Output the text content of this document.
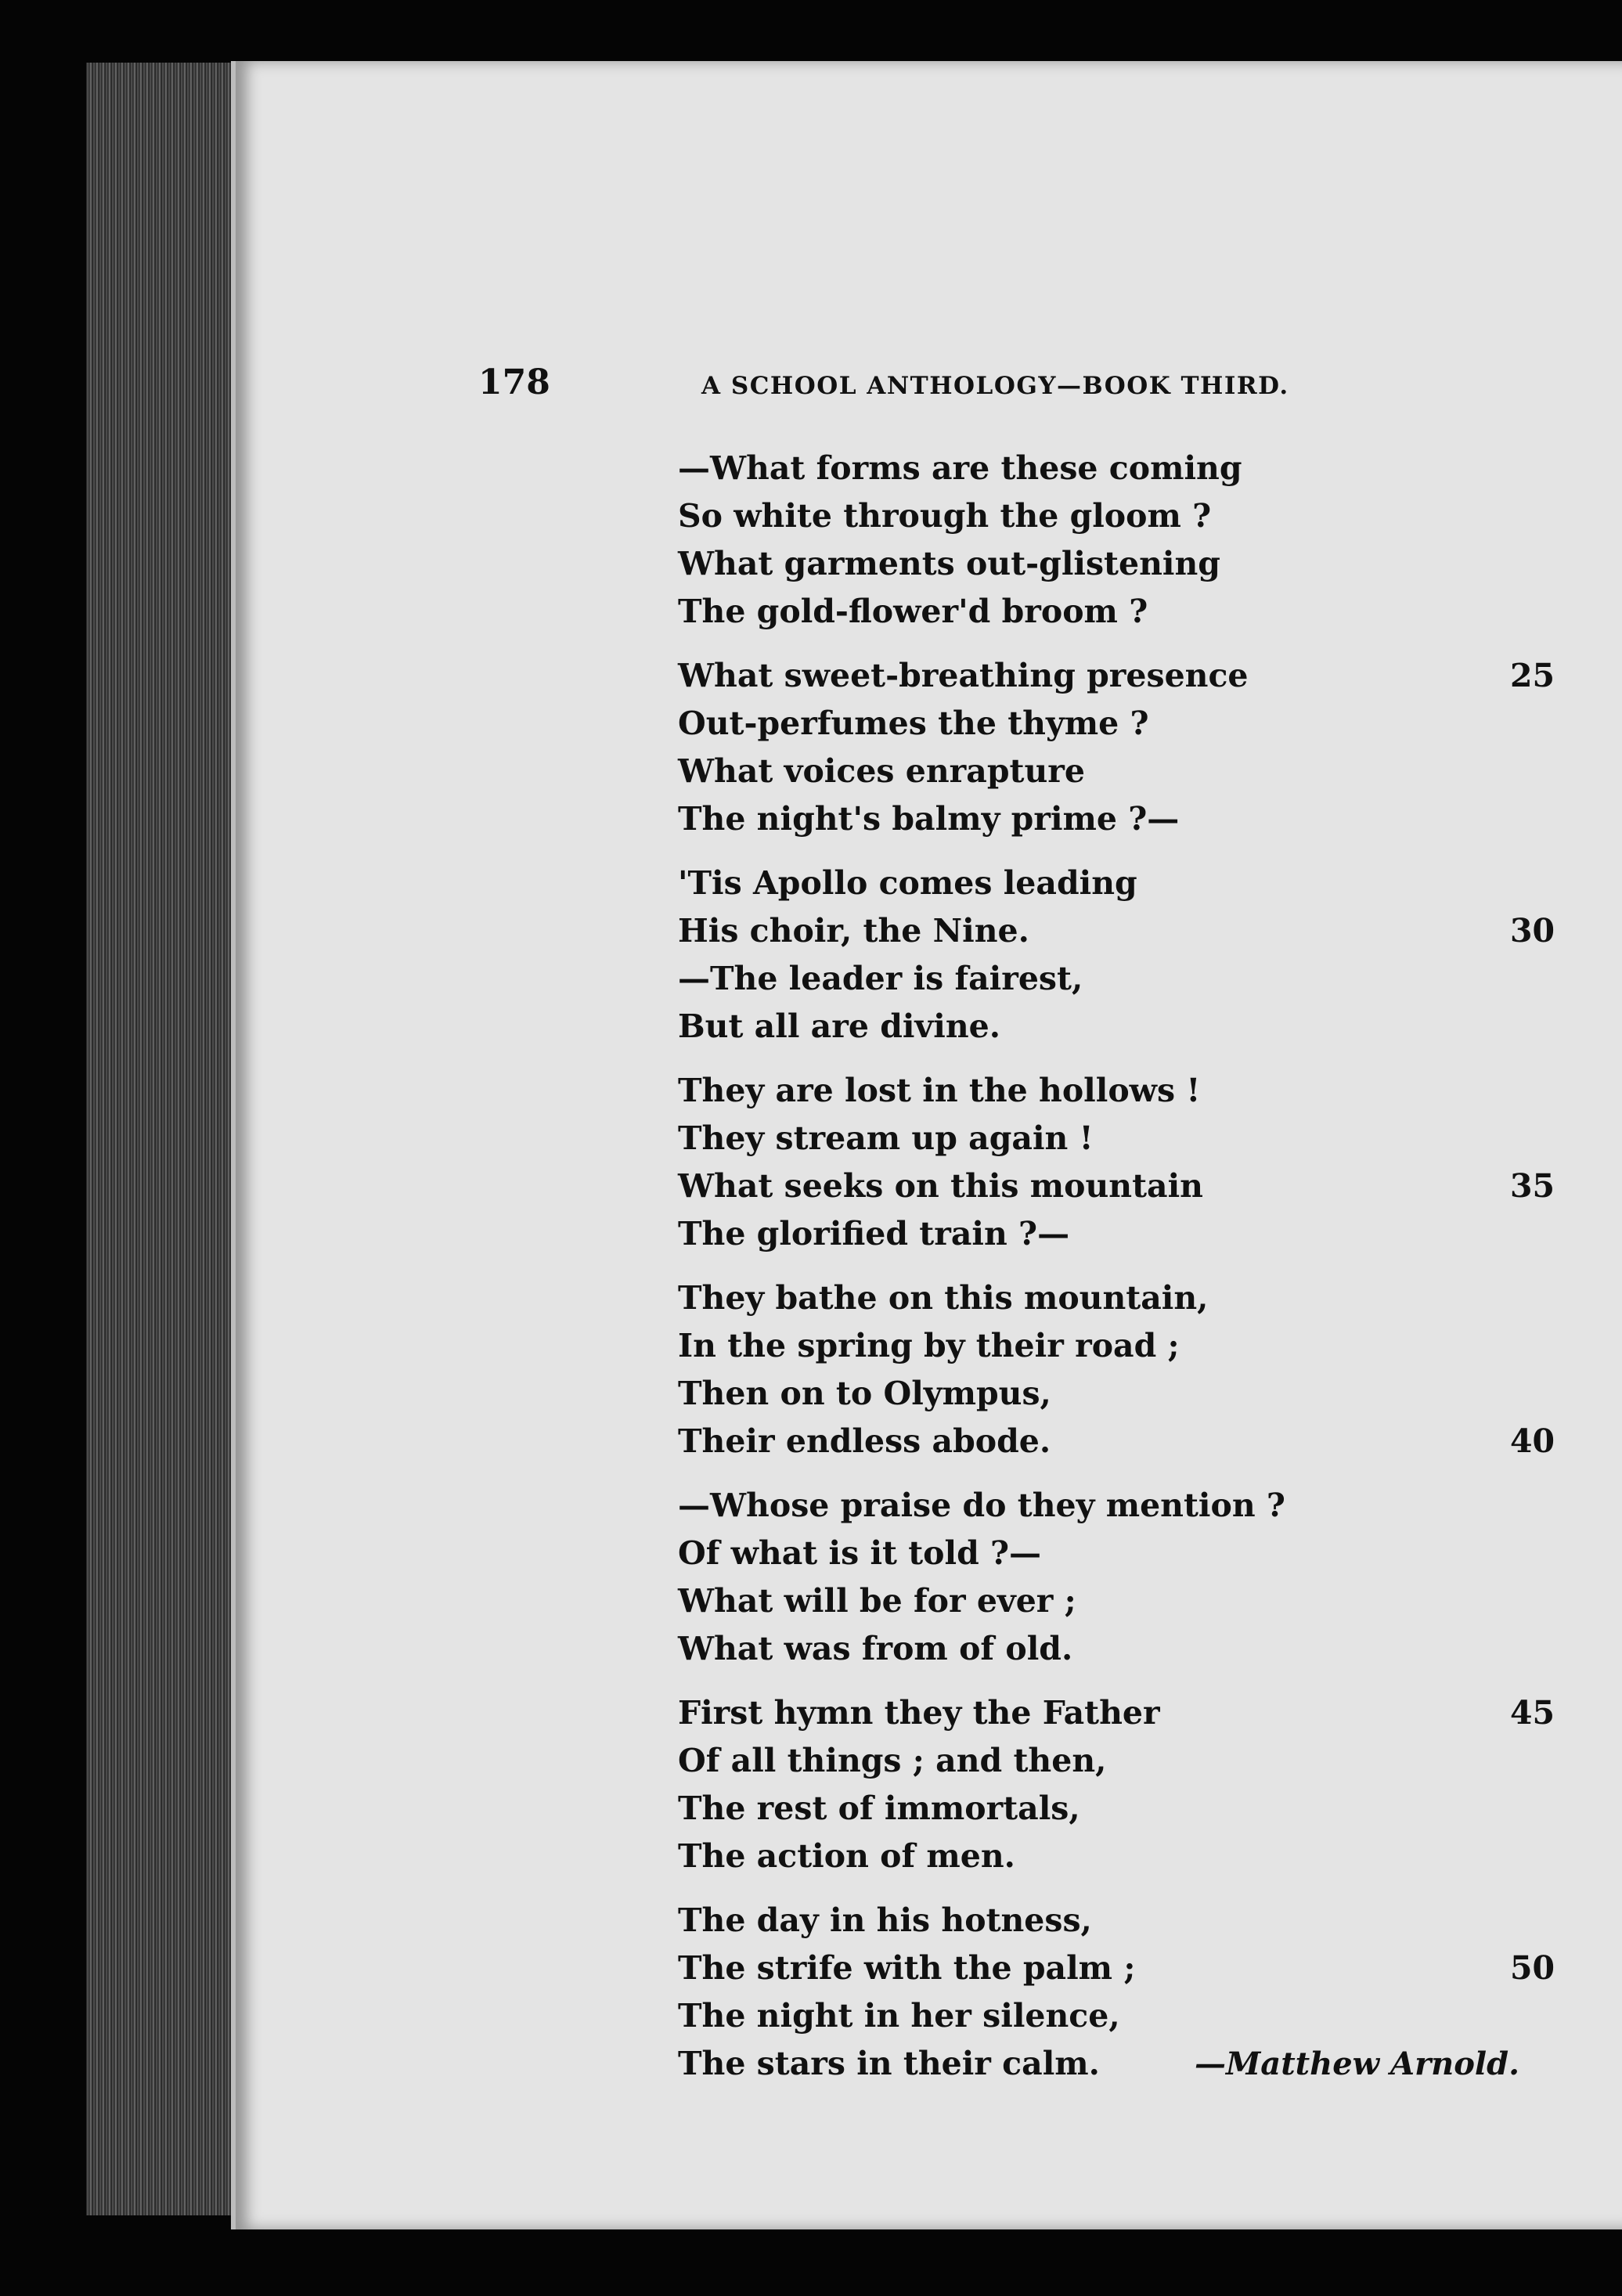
178	A SCHOOL ANTHOLOGY—BOOK THIRD.
—What forms are these coming
So white through the gloom ?
What garments out-glistening
The gold-flower'd broom ?
What sweet-breathing presence	25
Out-perfumes the thyme ?
What voices enrapture
The night's balmy prime ?—
'Tis Apollo comes leading
His choir, the Nine.	30
—The leader is fairest,
But all are divine.
They are lost in the hollows !
They stream up again !
What seeks on this mountain	35
The glorified train ?—
They bathe on this mountain,
In the spring by their road ;
Then on to Olympus,
Their endless abode.	40
—Whose praise do they mention ?
Of what is it told ?—
What will be for ever ;
What was from of old.
First hymn they the Father	45
Of all things ; and then,
The rest of immortals,
The action of men.
The day in his hotness,
The strife with the palm ;	50
The night in her silence,
The stars in their calm.	—Matthew Arnold.
